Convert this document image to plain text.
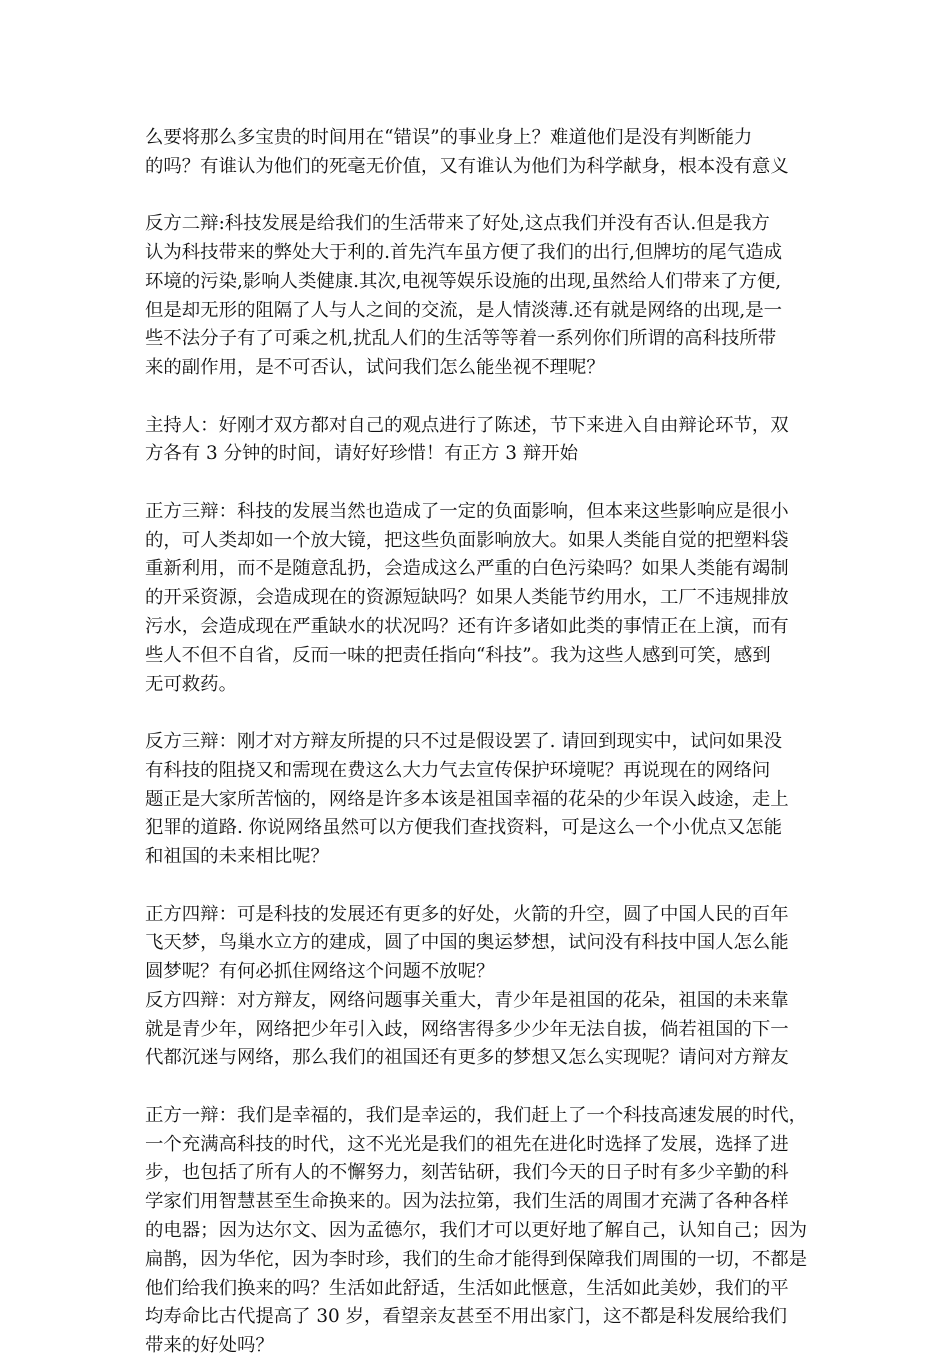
么要将那么多宝贵的时间用在“错误”的事业身上？难道他们是没有判断能力
的吗？有谁认为他们的死毫无价值，又有谁认为他们为科学献身，根本没有意义
反方二辩:科技发展是给我们的生活带来了好处,这点我们并没有否认.但是我方
认为科技带来的弊处大于利的.首先汽车虽方便了我们的出行,但牌坊的尾气造成
环境的污染,影响人类健康.其次,电视等娱乐设施的出现,虽然给人们带来了方便,
但是却无形的阻隔了人与人之间的交流，是人情淡薄.还有就是网络的出现,是一
些不法分子有了可乘之机,扰乱人们的生活等等着一系列你们所谓的高科技所带
来的副作用，是不可否认，试问我们怎么能坐视不理呢？
主持人：好刚才双方都对自己的观点进行了陈述，节下来进入自由辩论环节，双
方各有 3 分钟的时间，请好好珍惜！有正方 3 辩开始
正方三辩：科技的发展当然也造成了一定的负面影响，但本来这些影响应是很小
的，可人类却如一个放大镜，把这些负面影响放大。如果人类能自觉的把塑料袋
重新利用，而不是随意乱扔，会造成这么严重的白色污染吗？如果人类能有竭制
的开采资源，会造成现在的资源短缺吗？如果人类能节约用水，工厂不违规排放
污水，会造成现在严重缺水的状况吗？还有许多诸如此类的事情正在上演，而有
些人不但不自省，反而一味的把责任指向“科技”。我为这些人感到可笑，感到
无可救药。
反方三辩：刚才对方辩友所提的只不过是假设罢了. 请回到现实中，试问如果没
有科技的阻挠又和需现在费这么大力气去宣传保护环境呢？再说现在的网络问
题正是大家所苦恼的，网络是许多本该是祖国幸福的花朵的少年误入歧途，走上
犯罪的道路. 你说网络虽然可以方便我们查找资料，可是这么一个小优点又怎能
和祖国的未来相比呢？
正方四辩：可是科技的发展还有更多的好处，火箭的升空，圆了中国人民的百年
飞天梦，鸟巢水立方的建成，圆了中国的奥运梦想，试问没有科技中国人怎么能
圆梦呢？有何必抓住网络这个问题不放呢？
反方四辩：对方辩友，网络问题事关重大，青少年是祖国的花朵，祖国的未来靠
就是青少年，网络把少年引入歧，网络害得多少少年无法自拔，倘若祖国的下一
代都沉迷与网络，那么我们的祖国还有更多的梦想又怎么实现呢？请问对方辩友
正方一辩：我们是幸福的，我们是幸运的，我们赶上了一个科技高速发展的时代，
一个充满高科技的时代，这不光光是我们的祖先在进化时选择了发展，选择了进
步，也包括了所有人的不懈努力，刻苦钻研，我们今天的日子时有多少辛勤的科
学家们用智慧甚至生命换来的。因为法拉第，我们生活的周围才充满了各种各样
的电器；因为达尔文、因为孟德尔，我们才可以更好地了解自己，认知自己；因为
扁鹊，因为华佗，因为李时珍，我们的生命才能得到保障我们周围的一切，不都是
他们给我们换来的吗？生活如此舒适，生活如此惬意，生活如此美妙，我们的平
均寿命比古代提高了 30 岁，看望亲友甚至不用出家门，这不都是科发展给我们
带来的好处吗？
